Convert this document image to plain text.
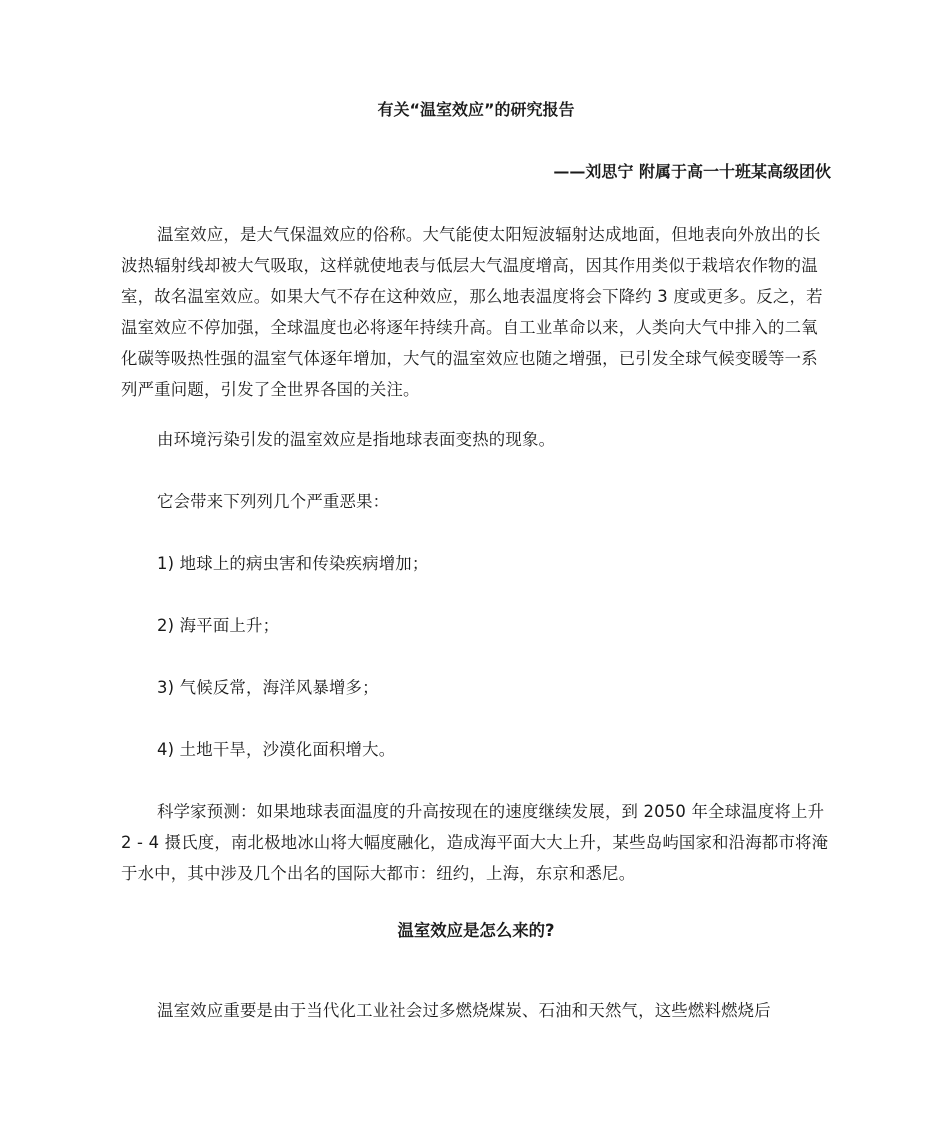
有关“温室效应”的研究报告
——刘思宁 附属于高一十班某高级团伙

温室效应，是大气保温效应的俗称。大气能使太阳短波辐射达成地面，但地表向外放出的长波热辐射线却被大气吸取，这样就使地表与低层大气温度增高，因其作用类似于栽培农作物的温室，故名温室效应。如果大气不存在这种效应，那么地表温度将会下降约 3 度或更多。反之，若温室效应不停加强，全球温度也必将逐年持续升高。自工业革命以来，人类向大气中排入的二氧化碳等吸热性强的温室气体逐年增加，大气的温室效应也随之增强，已引发全球气候变暖等一系列严重问题，引发了全世界各国的关注。

由环境污染引发的温室效应是指地球表面变热的现象。

它会带来下列列几个严重恶果：

1) 地球上的病虫害和传染疾病增加；

2) 海平面上升；

3) 气候反常，海洋风暴增多；

4) 土地干旱，沙漠化面积增大。

科学家预测：如果地球表面温度的升高按现在的速度继续发展，到 2050 年全球温度将上升 2 - 4 摄氏度，南北极地冰山将大幅度融化，造成海平面大大上升，某些岛屿国家和沿海都市将淹于水中，其中涉及几个出名的国际大都市：纽约，上海，东京和悉尼。

温室效应是怎么来的?

温室效应重要是由于当代化工业社会过多燃烧煤炭、石油和天然气，这些燃料燃烧后
